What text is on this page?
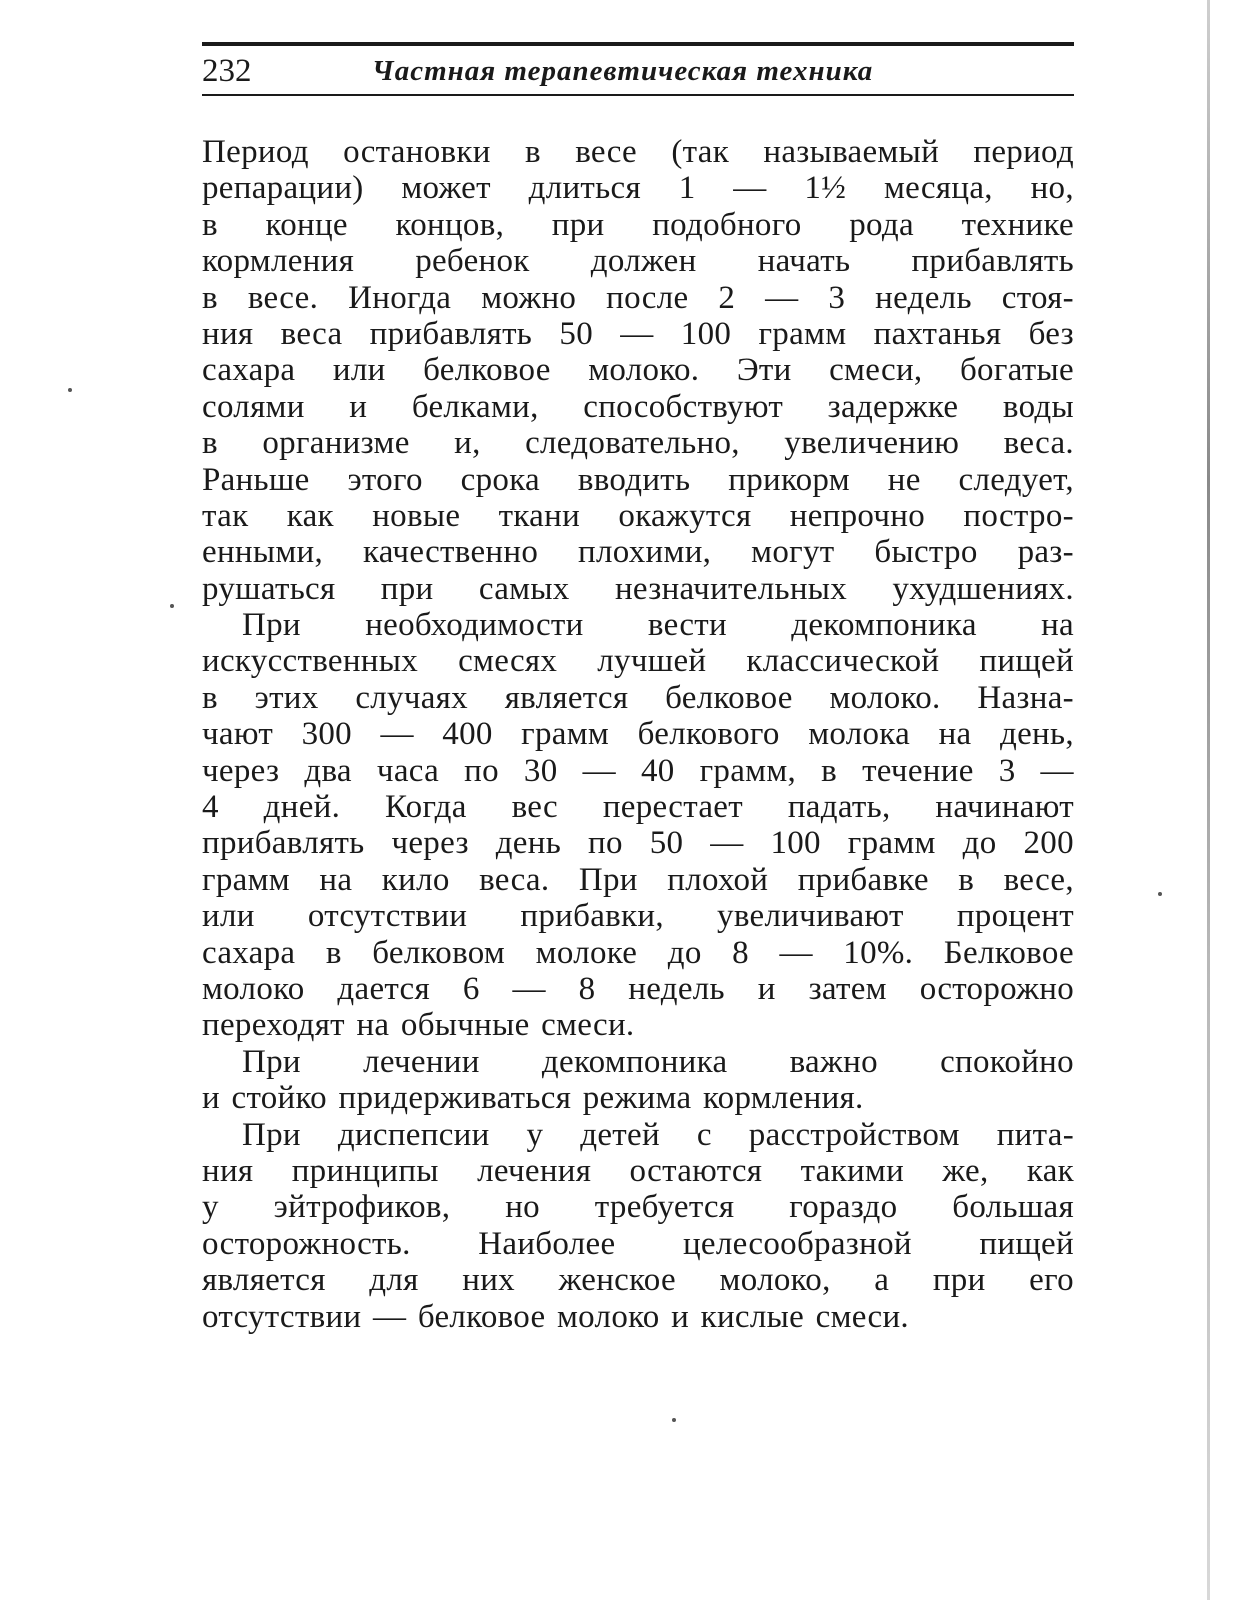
232	Частная терапевтическая техника
Период остановки в весе (так называемый период
репарации) может длиться 1 — 1½ месяца, но,
в конце концов, при подобного рода технике
кормления ребенок должен начать прибавлять
в весе. Иногда можно после 2 — 3 недель стоя-
ния веса прибавлять 50 — 100 грамм пахтанья без
сахара или белковое молоко. Эти смеси, богатые
солями и белками, способствуют задержке воды
в организме и, следовательно, увеличению веса.
Раньше этого срока вводить прикорм не следует,
так как новые ткани окажутся непрочно постро-
енными, качественно плохими, могут быстро раз-
рушаться при самых незначительных ухудшениях.
При необходимости вести декомпоника на
искусственных смесях лучшей классической пищей
в этих случаях является белковое молоко. Назна-
чают 300 — 400 грамм белкового молока на день,
через два часа по 30 — 40 грамм, в течение 3 —
4 дней. Когда вес перестает падать, начинают
прибавлять через день по 50 — 100 грамм до 200
грамм на кило веса. При плохой прибавке в весе,
или отсутствии прибавки, увеличивают процент
сахара в белковом молоке до 8 — 10%. Белковое
молоко дается 6 — 8 недель и затем осторожно
переходят на обычные смеси.
При лечении декомпоника важно спокойно
и стойко придерживаться режима кормления.
При диспепсии у детей с расстройством пита-
ния принципы лечения остаются такими же, как
у эйтрофиков, но требуется гораздо большая
осторожность. Наиболее целесообразной пищей
является для них женское молоко, а при его
отсутствии — белковое молоко и кислые смеси.
